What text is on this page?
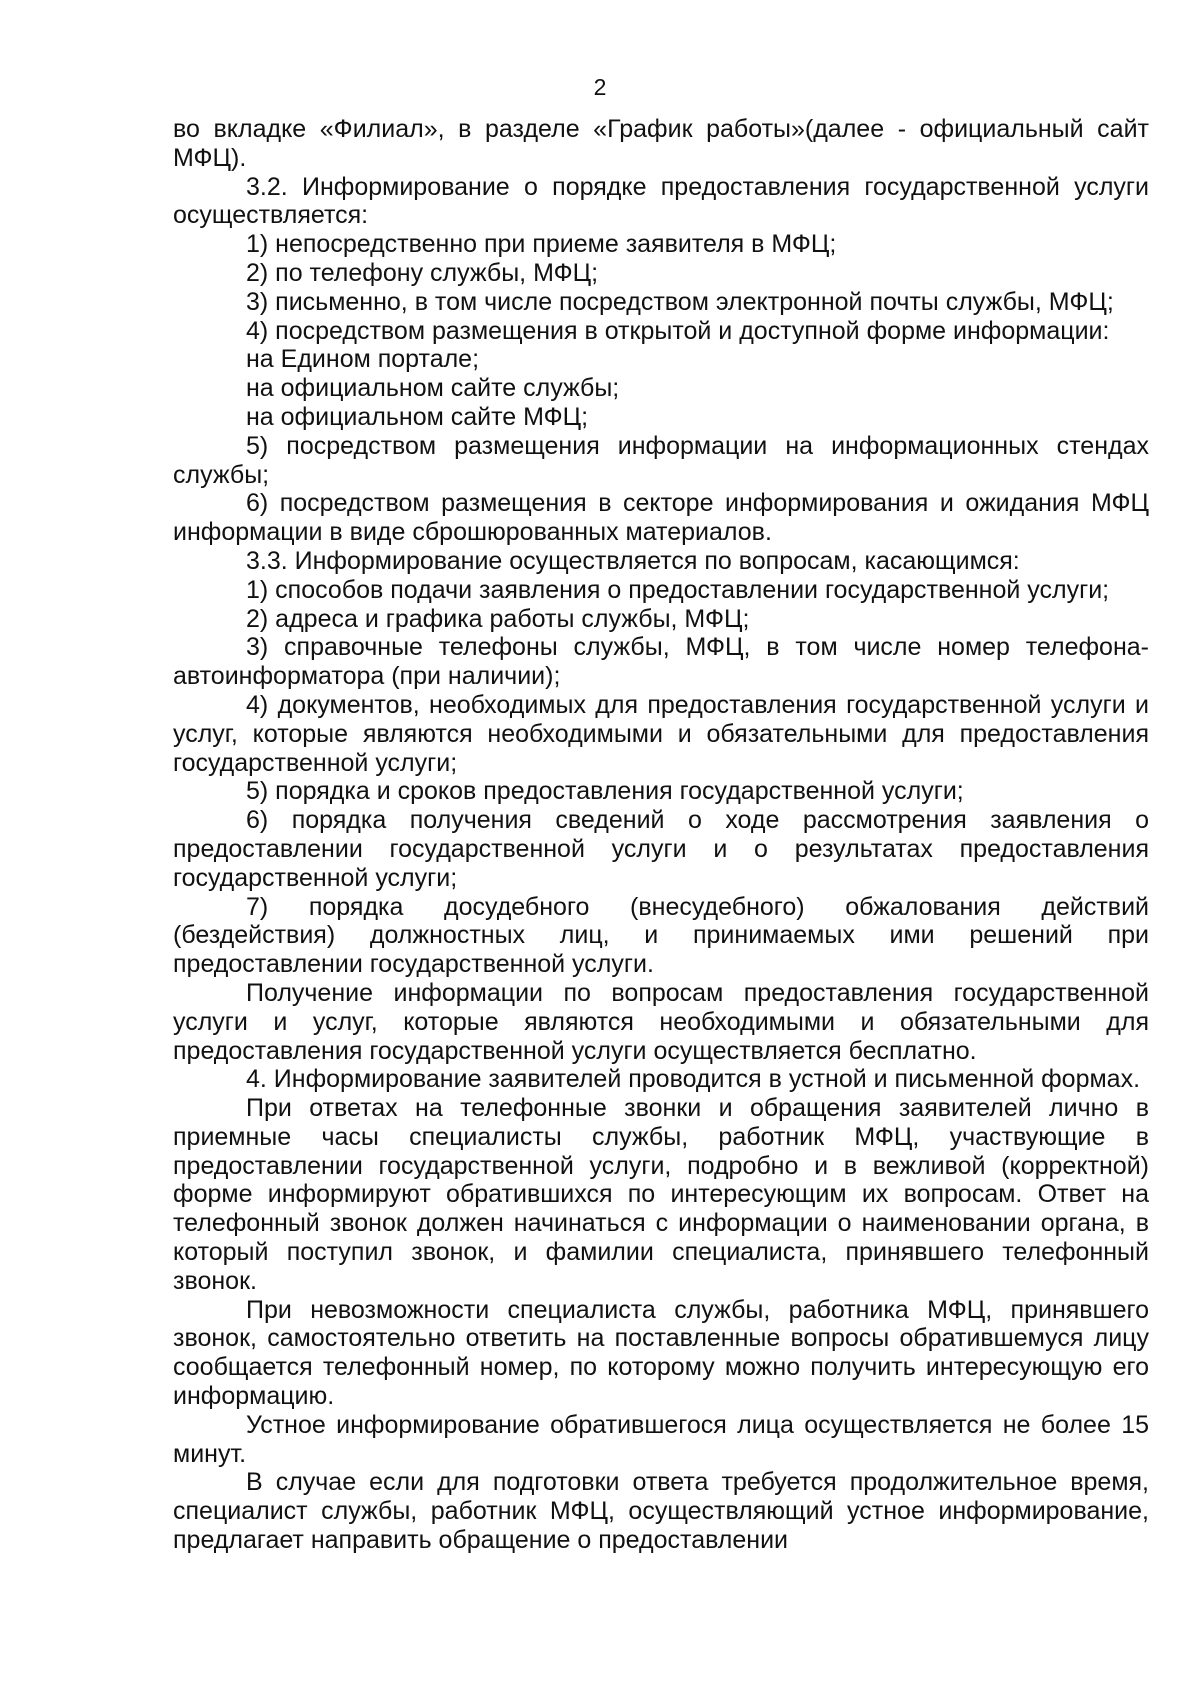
2

во вкладке «Филиал», в разделе «График работы»(далее - официальный сайт МФЦ).

3.2. Информирование о порядке предоставления государственной услуги осуществляется:

1) непосредственно при приеме заявителя в МФЦ;

2) по телефону службы, МФЦ;

3) письменно, в том числе посредством электронной почты службы, МФЦ;

4) посредством размещения в открытой и доступной форме информации:

на Едином портале;

на официальном сайте службы;

на официальном сайте МФЦ;

5) посредством размещения информации на информационных стендах службы;

6) посредством размещения в секторе информирования и ожидания МФЦ информации в виде сброшюрованных материалов.

3.3. Информирование осуществляется по вопросам, касающимся:

1) способов подачи заявления о предоставлении государственной услуги;

2) адреса и графика работы службы, МФЦ;

3) справочные телефоны службы, МФЦ, в том числе номер телефона-автоинформатора (при наличии);

4) документов, необходимых для предоставления государственной услуги и услуг, которые являются необходимыми и обязательными для предоставления государственной услуги;

5) порядка и сроков предоставления государственной услуги;

6) порядка получения сведений о ходе рассмотрения заявления о предоставлении государственной услуги и о результатах предоставления государственной услуги;

7) порядка досудебного (внесудебного) обжалования действий (бездействия) должностных лиц, и принимаемых ими решений при предоставлении государственной услуги.

Получение информации по вопросам предоставления государственной услуги и услуг, которые являются необходимыми и обязательными для предоставления государственной услуги осуществляется бесплатно.

4. Информирование заявителей проводится в устной и письменной формах.

При ответах на телефонные звонки и обращения заявителей лично в приемные часы специалисты службы, работник МФЦ, участвующие в предоставлении государственной услуги, подробно и в вежливой (корректной) форме информируют обратившихся по интересующим их вопросам. Ответ на телефонный звонок должен начинаться с информации о наименовании органа, в который поступил звонок, и фамилии специалиста, принявшего телефонный звонок.

При невозможности специалиста службы, работника МФЦ, принявшего звонок, самостоятельно ответить на поставленные вопросы обратившемуся лицу сообщается телефонный номер, по которому можно получить интересующую его информацию.

Устное информирование обратившегося лица осуществляется не более 15 минут.

В случае если для подготовки ответа требуется продолжительное время, специалист службы, работник МФЦ, осуществляющий устное информирование, предлагает направить обращение о предоставлении
